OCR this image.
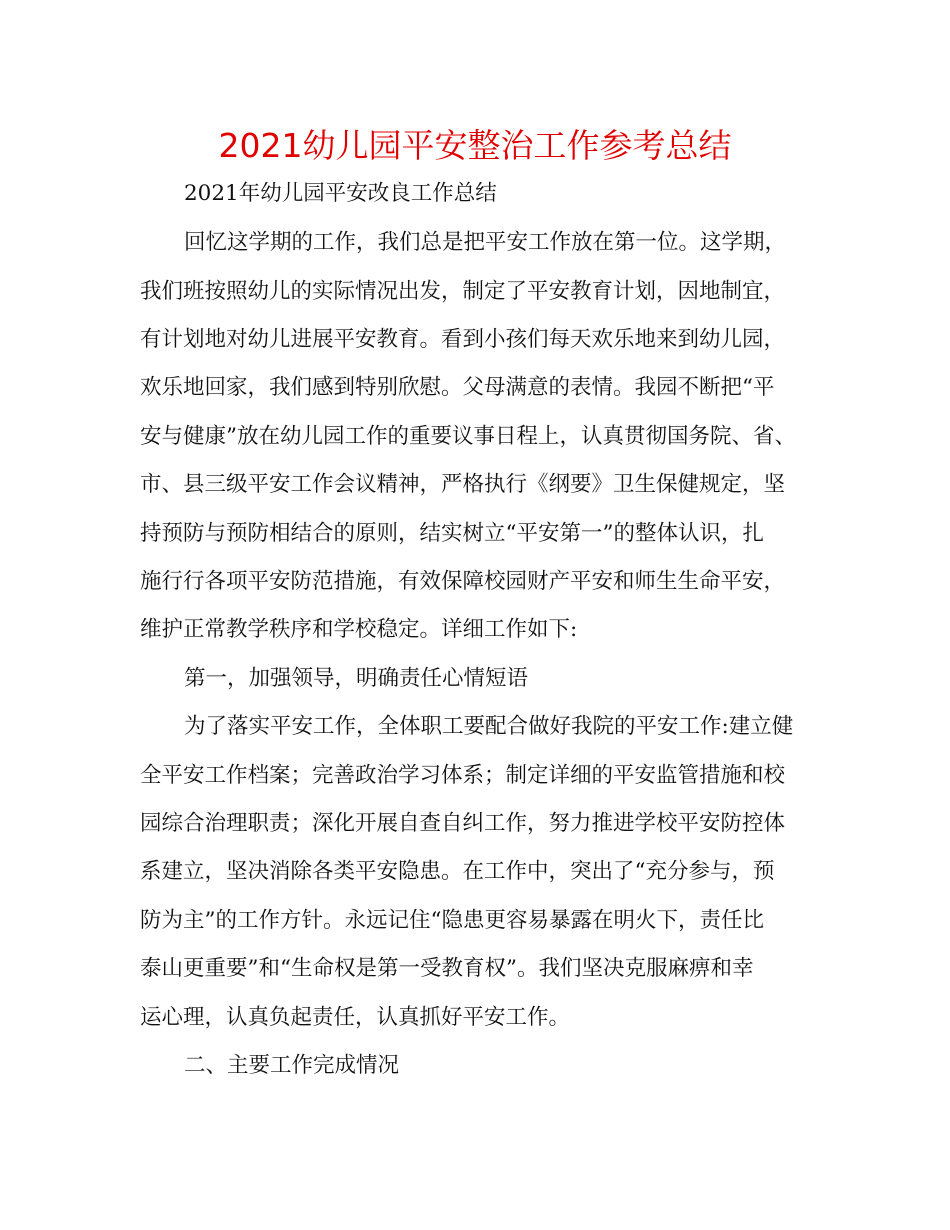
2021幼儿园平安整治工作参考总结
2021年幼儿园平安改良工作总结
回忆这学期的工作，我们总是把平安工作放在第一位。这学期，
我们班按照幼儿的实际情况出发，制定了平安教育计划，因地制宜，
有计划地对幼儿进展平安教育。看到小孩们每天欢乐地来到幼儿园，
欢乐地回家，我们感到特别欣慰。父母满意的表情。我园不断把“平
安与健康”放在幼儿园工作的重要议事日程上，认真贯彻国务院、省、
市、县三级平安工作会议精神，严格执行《纲要》卫生保健规定，坚
持预防与预防相结合的原则，结实树立“平安第一”的整体认识，扎
施行行各项平安防范措施，有效保障校园财产平安和师生生命平安，
维护正常教学秩序和学校稳定。详细工作如下:
第一，加强领导，明确责任心情短语
为了落实平安工作，全体职工要配合做好我院的平安工作:建立健
全平安工作档案；完善政治学习体系；制定详细的平安监管措施和校
园综合治理职责；深化开展自查自纠工作，努力推进学校平安防控体
系建立，坚决消除各类平安隐患。在工作中，突出了“充分参与，预
防为主”的工作方针。永远记住“隐患更容易暴露在明火下，责任比
泰山更重要”和“生命权是第一受教育权”。我们坚决克服麻痹和幸
运心理，认真负起责任，认真抓好平安工作。
二、主要工作完成情况
